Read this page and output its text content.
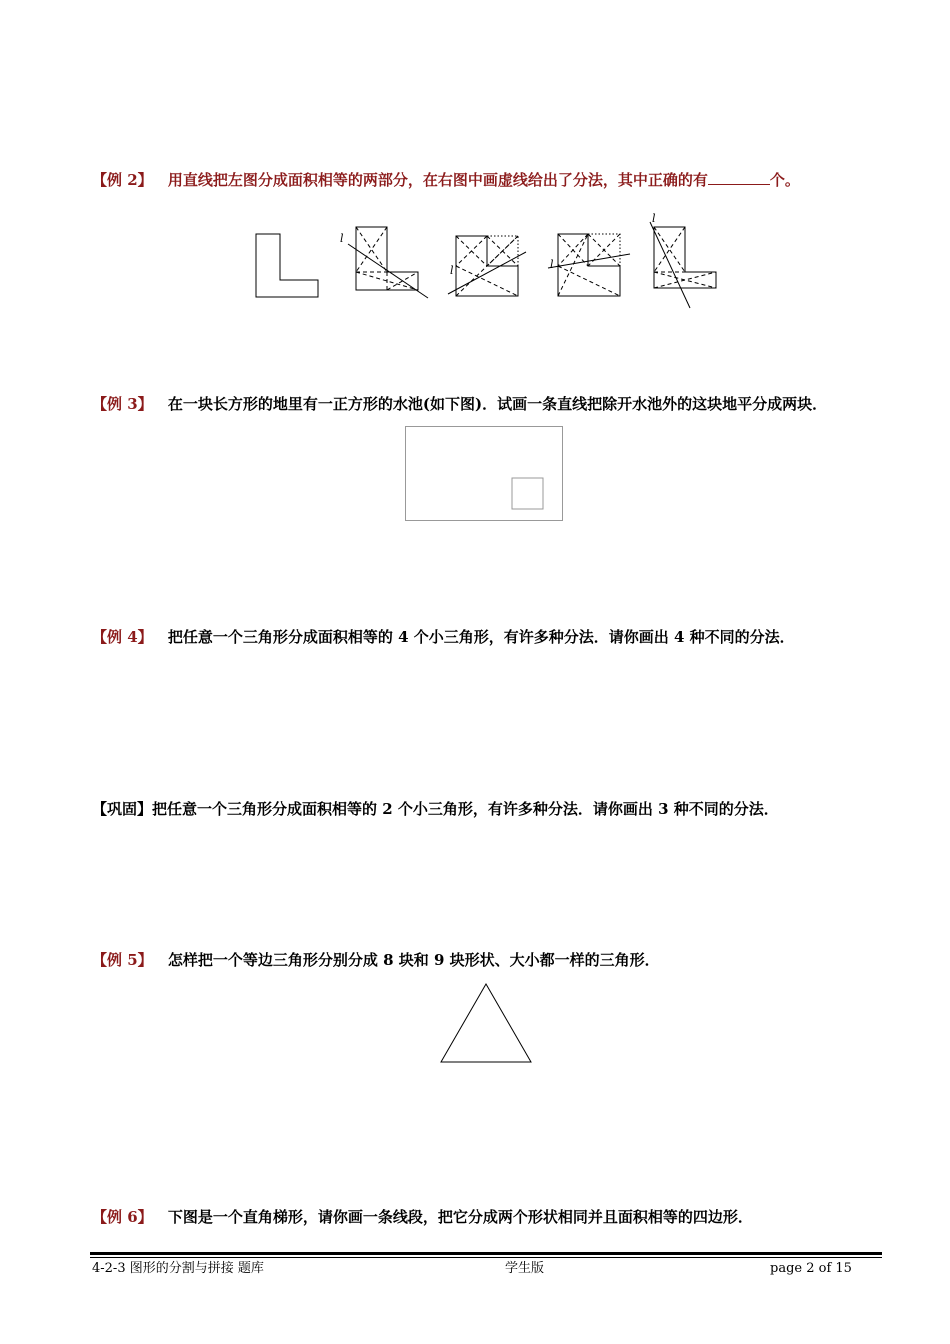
【例 2】 用直线把左图分成面积相等的两部分，在右图中画虚线给出了分法，其中正确的有	个。
l
l	l
l
【例 3】 在一块长方形的地里有一正方形的水池(如下图)．试画一条直线把除开水池外的这块地平分成两块．
【例 4】 把任意一个三角形分成面积相等的 4 个小三角形，有许多种分法．请你画出 4 种不同的分法．
【巩固】把任意一个三角形分成面积相等的 2 个小三角形，有许多种分法．请你画出 3 种不同的分法．
【例 5】 怎样把一个等边三角形分别分成 8 块和 9 块形状、大小都一样的三角形．
【例 6】 下图是一个直角梯形，请你画一条线段，把它分成两个形状相同并且面积相等的四边形．
4-2-3 图形的分割与拼接 题库	学生版	page 2 of 15
